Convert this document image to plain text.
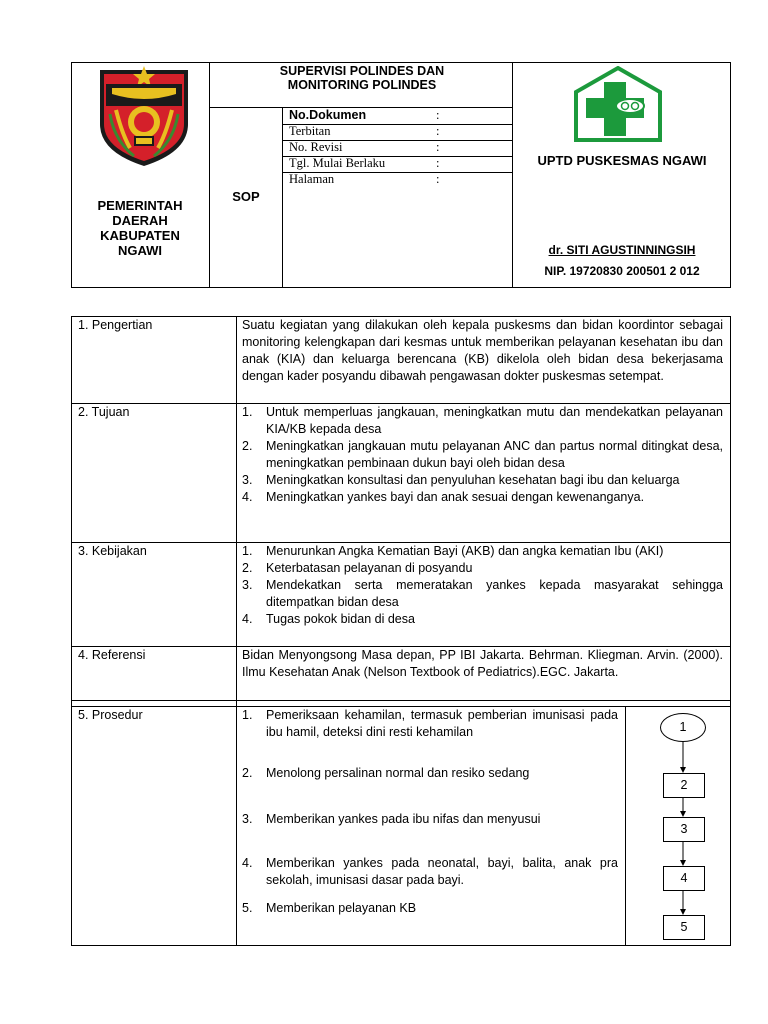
PEMERINTAH DAERAH KABUPATEN NGAWI
SUPERVISI POLINDES DAN MONITORING POLINDES
SOP
No.Dokumen	:
Terbitan	:
No. Revisi	:
Tgl. Mulai Berlaku	:
Halaman	:
UPTD PUSKESMAS NGAWI
dr. SITI AGUSTINNINGSIH
NIP. 19720830 200501 2 012
1. Pengertian	Suatu kegiatan yang dilakukan oleh kepala puskesms dan bidan koordintor sebagai monitoring kelengkapan dari kesmas untuk memberikan pelayanan kesehatan ibu dan anak (KIA) dan keluarga berencana (KB) dikelola oleh bidan desa bekerjasama dengan kader posyandu dibawah pengawasan dokter puskesmas setempat.
2. Tujuan	1. Untuk memperluas jangkauan, meningkatkan mutu dan mendekatkan pelayanan KIA/KB kepada desa
2. Meningkatkan jangkauan mutu pelayanan ANC dan partus normal ditingkat desa, meningkatkan pembinaan dukun bayi oleh bidan desa
3. Meningkatkan konsultasi dan penyuluhan kesehatan bagi ibu dan keluarga
4. Meningkatkan yankes bayi dan anak sesuai dengan kewenanganya.
3. Kebijakan	1. Menurunkan Angka Kematian Bayi (AKB) dan angka kematian Ibu (AKI)
2. Keterbatasan pelayanan di posyandu
3. Mendekatkan serta memeratakan yankes kepada masyarakat sehingga ditempatkan bidan desa
4. Tugas pokok bidan di desa
4. Referensi	Bidan Menyongsong Masa depan, PP IBI Jakarta. Behrman. Kliegman. Arvin. (2000). Ilmu Kesehatan Anak (Nelson Textbook of Pediatrics).EGC. Jakarta.
5. Prosedur	1. Pemeriksaan kehamilan, termasuk pemberian imunisasi pada ibu hamil, deteksi dini resti kehamilan
2. Menolong persalinan normal dan resiko sedang
3. Memberikan yankes pada ibu nifas dan menyusui
4. Memberikan yankes pada neonatal, bayi, balita, anak pra sekolah, imunisasi dasar pada bayi.
5. Memberikan pelayanan KB
1
2
3
4
5
